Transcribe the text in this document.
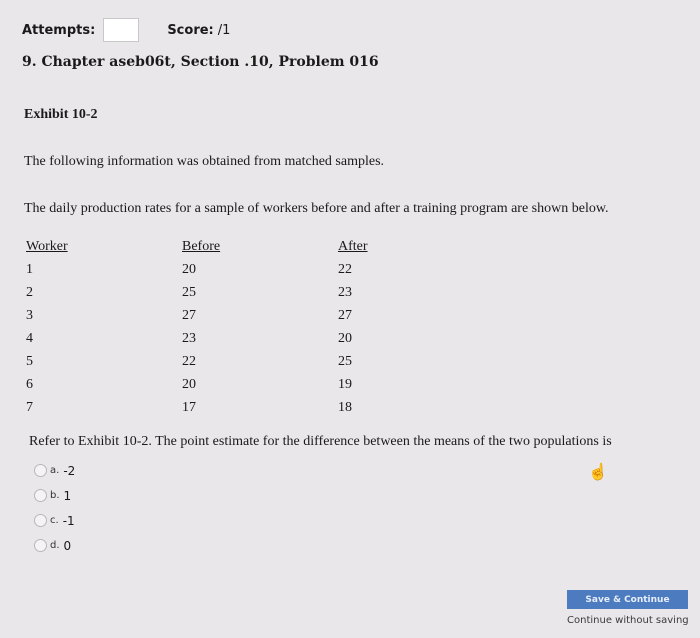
Attempts:	Score: /1
9. Chapter aseb06t, Section .10, Problem 016
Exhibit 10-2
The following information was obtained from matched samples.
The daily production rates for a sample of workers before and after a training program are shown below.
Worker	Before	After
1	20	22
2	25	23
3	27	27
4	23	20
5	22	25
6	20	19
7	17	18
Refer to Exhibit 10-2. The point estimate for the difference between the means of the two populations is
a. -2
b. 1
c. -1
d. 0
☝
Save & Continue
Continue without saving
